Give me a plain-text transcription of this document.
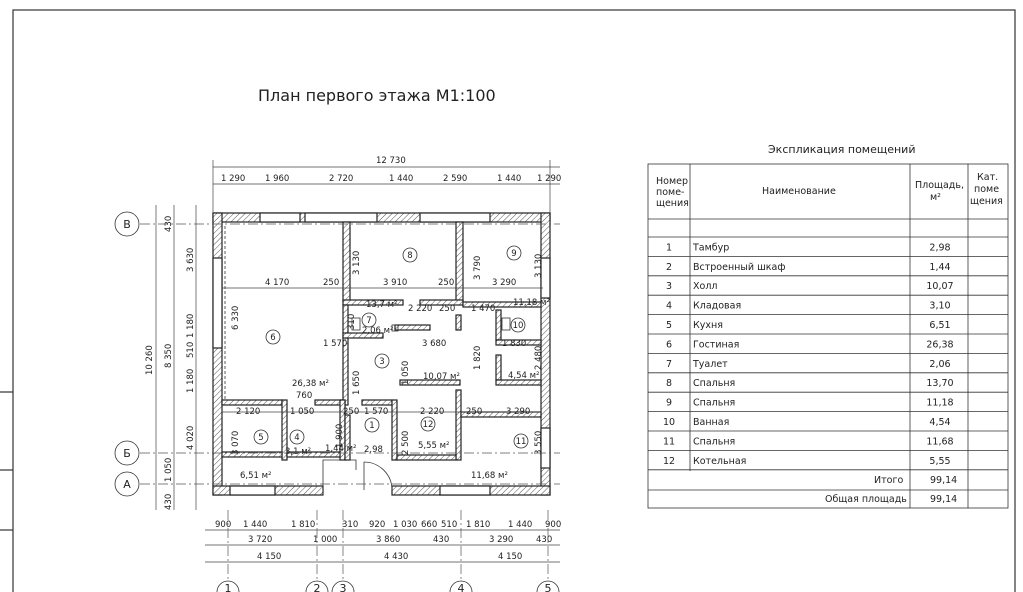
План первого этажа М1:100
6
8	9
7	10
3
5	4
1	12
11
26,38 м²
13,7 м²	11,18 м²
2,06 м²
10,07 м²	4,54 м²
5,55 м²
11,68 м²
6,51 м²
3,1 м² 1,44 м² 2,98
4 170	250	3 910	250	3 290
2 220 250 1 470
1 570	3 680	1 830
2 120	1 050	250 1 570	2 220	250	3 290
760
3 130	3 130
3 790
1 650	1 050
1 820	2 480
1 900	2 500	3 550
3 070
6 330	310
12 730
1 290 1 960	2 720	1 440	2 590	1 440 1 290
10 260
430
8 350
1 050
430
3 630
1 180
510
1 180
4 020
900 1 440	1 810	310 920 1 030 660 510 1 810 1 440 900
3 720	1 000	3 860	430	3 290	430
4 150	4 430	4 150
В
Б
А
1	2 3	4	5
Экспликация помещений
Номер
поме-
щения
Наименование
Площадь,
м²
Кат.
поме
щения
1 Тамбур	2,98
2 Встроенный шкаф	1,44
3 Холл	10,07
4 Кладовая	3,10
5 Кухня	6,51
6 Гостиная	26,38
7 Туалет	2,06
8 Спальня	13,70
9 Спальня	11,18
10 Ванная	4,54
11 Спальня	11,68
12 Котельная	5,55
Итого	99,14
Общая площадь 99,14
